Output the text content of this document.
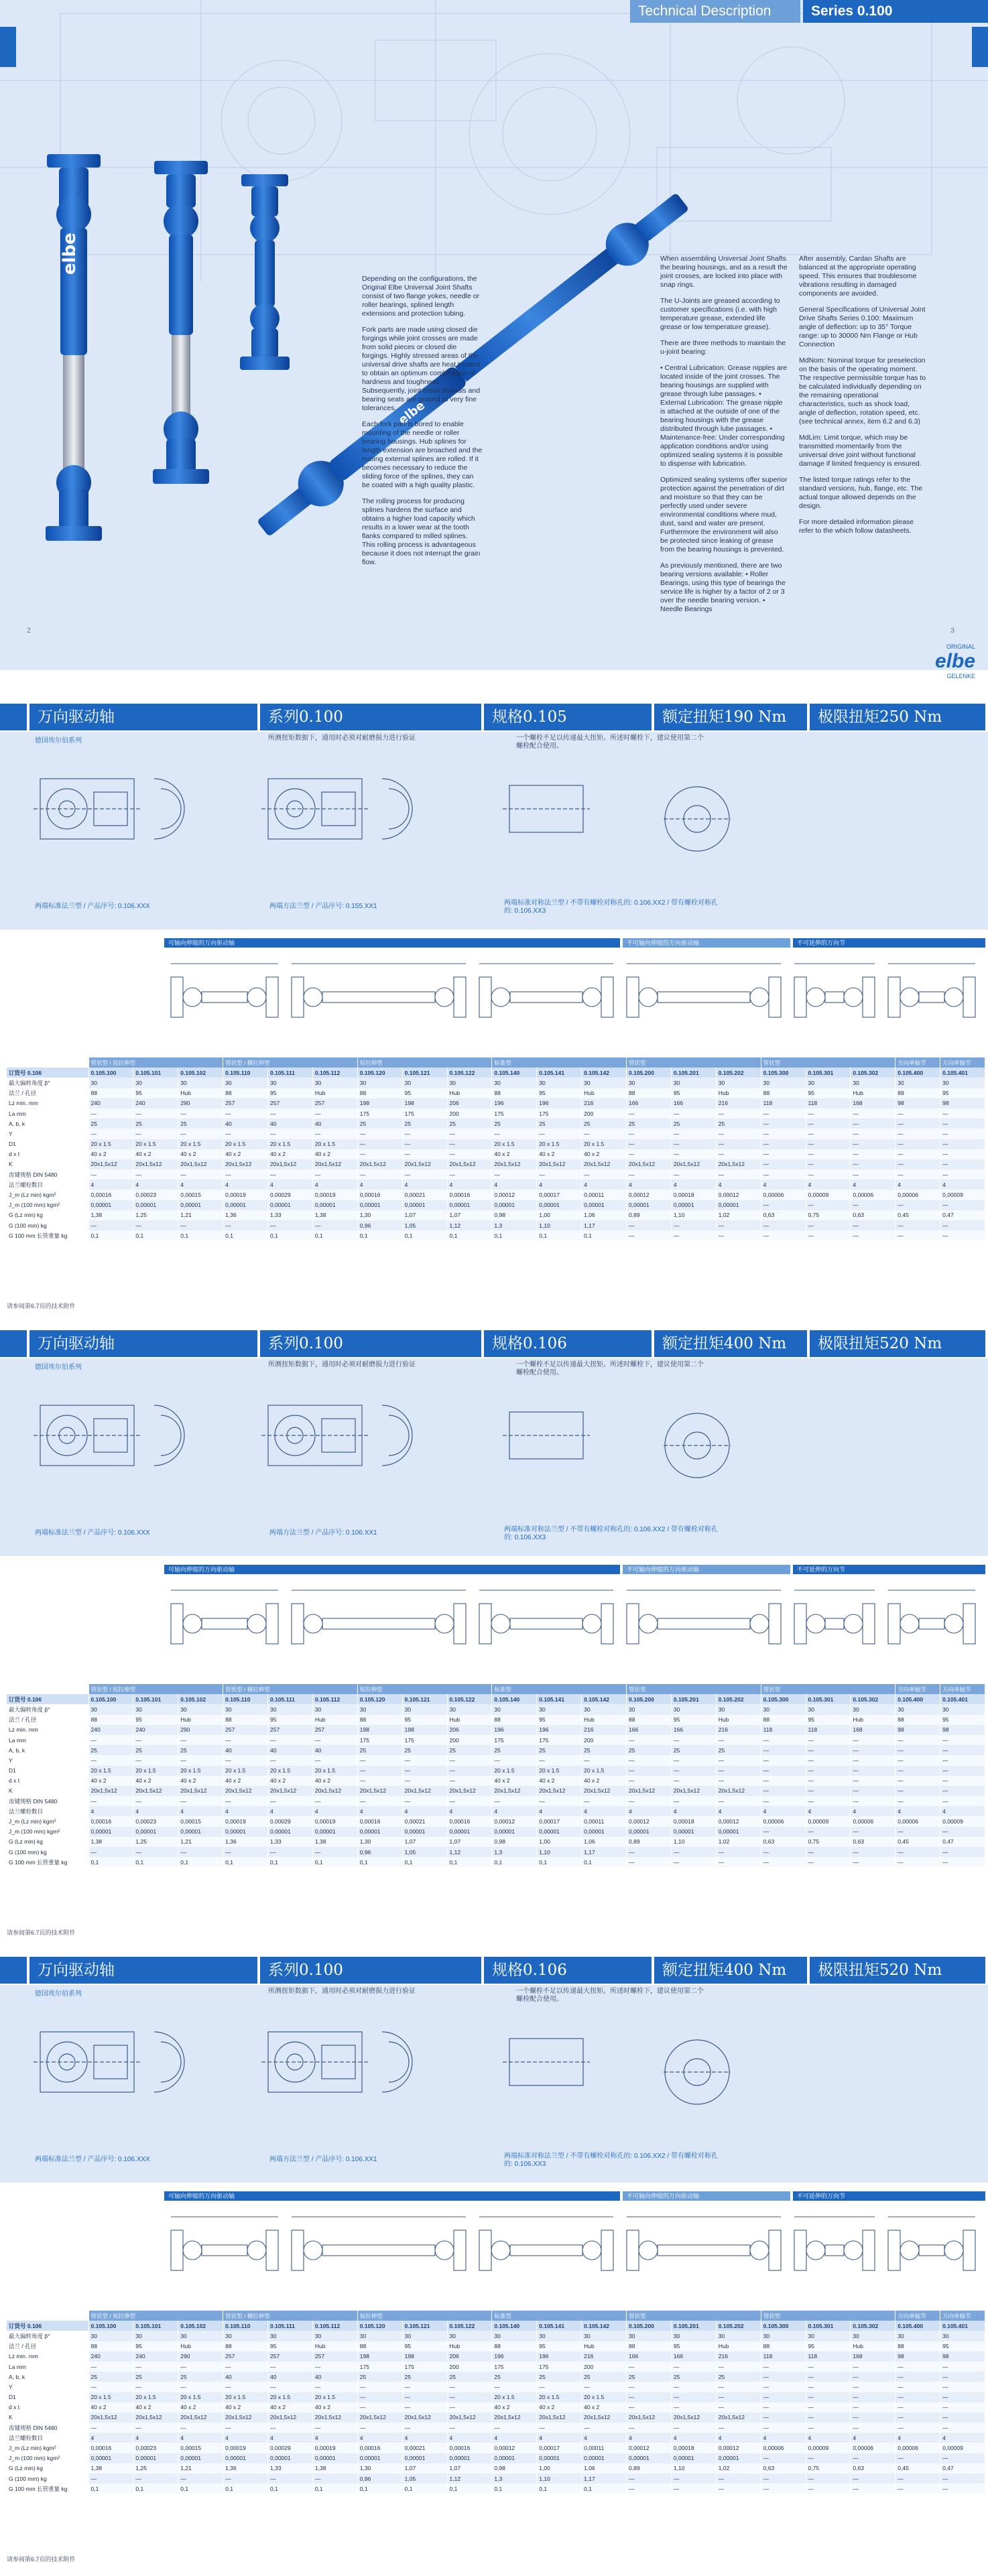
Technical Description	Series 0.100
elbe
elbe

Depending on the configurations, the Original Elbe Universal Joint Shafts consist of two flange yokes, needle or roller bearings, splined length extensions and protection tubing.

Fork parts are made using closed die forgings while joint crosses are made from solid pieces or closed die forgings. Highly stressed areas of the universal drive shafts are heat treated to obtain an optimum combination of hardness and toughness. Subsequently, joint cross journals and bearing seats are ground to very fine tolerances.

Each fork part is bored to enable mounting of the needle or roller bearing housings. Hub splines for length extension are broached and the mating external splines are rolled. If it becomes necessary to reduce the sliding force of the splines, they can be coated with a high quality plastic.

The rolling process for producing splines hardens the surface and obtains a higher load capacity which results in a lower wear at the tooth flanks compared to milled splines. This rolling process is advantageous because it does not interrupt the grain flow.

When assembling Universal Joint Shafts the bearing housings, and as a result the joint crosses, are locked into place with snap rings.

The U-Joints are greased according to customer specifications (i.e. with high temperature grease, extended life grease or low temperature grease).

There are three methods to maintain the u-joint bearing:

• Central Lubrication: Grease nipples are located inside of the joint crosses. The bearing housings are supplied with grease through lube passages. • External Lubrication: The grease nipple is attached at the outside of one of the bearing housings with the grease distributed through lube passages. • Maintenance-free: Under corresponding application conditions and/or using optimized sealing systems it is possible to dispense with lubrication.

Optimized sealing systems offer superior protection against the penetration of dirt and moisture so that they can be perfectly used under severe environmental conditions where mud, dust, sand and water are present. Furthermore the environment will also be protected since leaking of grease from the bearing housings is prevented.

As previously mentioned, there are two bearing versions available: • Roller Bearings, using this type of bearings the service life is higher by a factor of 2 or 3 over the needle bearing version. • Needle Bearings

After assembly, Cardan Shafts are balanced at the appropriate operating speed. This ensures that troublesome vibrations resulting in damaged components are avoided.

General Specifications of Universal Joint Drive Shafts Series 0.100: Maximum angle of deflection: up to 35° Torque range: up to 30000 Nm Flange or Hub Connection

MdNom: Nominal torque for preselection on the basis of the operating moment. The respective permissible torque has to be calculated individually depending on the remaining operational characteristics, such as shock load, angle of deflection, rotation speed, etc. (see technical annex, item 6.2 and 6.3)

MdLim: Limit torque, which may be transmitted momentarily from the universal drive joint without functional damage if limited frequency is ensured.

The listed torque ratings refer to the standard versions, hub, flange, etc. The actual torque allowed depends on the design.

For more detailed information please refer to the which follow datasheets.

2	3
ORIGINAL
elbe
GELENKE
万向驱动轴	系列0.100	规格0.105	额定扭矩190 Nm	极限扭矩250 Nm
德国埃尔伯系列	所测扭矩数据下，通用时必须对耐磨损力进行验证	一个螺栓不足以传递最大扭矩。所述时螺栓下，建议使用第二个螺栓配合使用。
两端标准法兰型 / 产品序号: 0.106.XXX	两端方法兰型 / 产品序号: 0.155.XX1	两端标准对称法兰型 / 不带有螺栓对称孔的: 0.106.XX2 / 带有螺栓对称孔的: 0.106.XX3
可轴向伸缩的万向驱动轴	不可轴向伸缩的万向驱动轴	不可延伸的万向节
	管状型 / 短拉伸型			管状型 / 横拉伸型			短拉伸型			标准型			管状型			管状型			方向单轴节	万向单轴节
订货号 0.106	0.105.100	0.105.101	0.105.102	0.105.110	0.105.111	0.105.112	0.105.120	0.105.121	0.105.122	0.105.140	0.105.141	0.105.142	0.105.200	0.105.201	0.105.202	0.105.300	0.105.301	0.105.302	0.105.400	0.105.401
最大偏转角度 β°	30	30	30	30	30	30	30	30	30	30	30	30	30	30	30	30	30	30	30	30
法兰 / 孔径	88	95	Hub	88	95	Hub	88	95	Hub	88	95	Hub	88	95	Hub	88	95	Hub	88	95
Lz min. mm	240	240	290	257	257	257	198	198	206	196	196	216	166	166	216	118	118	168	98	98
La mm	—	—	—	—	—	—	175	175	200	175	175	200	—	—	—	—	—	—	—	—
A, b, k	25	25	25	40	40	40	25	25	25	25	25	25	25	25	25	—	—	—	—	—
Y	—	—	—	—	—	—	—	—	—	—	—	—	—	—	—	—	—	—	—	—
D1	20 x 1.5	20 x 1.5	20 x 1.5	20 x 1.5	20 x 1.5	20 x 1.5	—	—	—	20 x 1.5	20 x 1.5	20 x 1.5	—	—	—	—	—	—	—	—
d x t	40 x 2	40 x 2	40 x 2	40 x 2	40 x 2	40 x 2	—	—	—	40 x 2	40 x 2	40 x 2	—	—	—	—	—	—	—	—
K	20x1,5x12	20x1,5x12	20x1,5x12	20x1,5x12	20x1,5x12	20x1,5x12	20x1,5x12	20x1,5x12	20x1,5x12	20x1,5x12	20x1,5x12	20x1,5x12	20x1,5x12	20x1,5x12	20x1,5x12	—	—	—	—	—
齿键规格 DIN 5480	—	—	—	—	—	—	—	—	—	—	—	—	—	—	—	—	—	—	—	—
法兰螺栓数目	4	4	4	4	4	4	4	4	4	4	4	4	4	4	4	4	4	4	4	4
J_m (Lz min) kgm²	0,00016	0,00023	0,00015	0,00019	0,00029	0,00019	0,00016	0,00021	0,00016	0,00012	0,00017	0,00011	0,00012	0,00018	0,00012	0,00006	0,00009	0,00006	0,00006	0,00009
J_m (100 mm) kgm²	0,00001	0,00001	0,00001	0,00001	0,00001	0,00001	0,00001	0,00001	0,00001	0,00001	0,00001	0,00001	0,00001	0,00001	0,00001	—	—	—	—	—
G (Lz min) kg	1,38	1,25	1,21	1,36	1,33	1,38	1,30	1,07	1,07	0,98	1,00	1,06	0,89	1,10	1,02	0,63	0,75	0,63	0,45	0,47
G (100 mm) kg	—	—	—	—	—	—	0,96	1,05	1,12	1,3	1,10	1,17	—	—	—	—	—	—	—	—
G 100 mm 长管重量 kg	0,1	0,1	0,1	0,1	0,1	0,1	0,1	0,1	0,1	0,1	0,1	0,1	—	—	—	—	—	—	—	—
请参阅第6.7页的技术附件
万向驱动轴	系列0.100	规格0.106	额定扭矩400 Nm	极限扭矩520 Nm
德国埃尔伯系列	所测扭矩数据下，通用时必须对耐磨损力进行验证	一个螺栓不足以传递最大扭矩。所述时螺栓下，建议使用第二个螺栓配合使用。
两端标准法兰型 / 产品序号: 0.106.XXX	两端方法兰型 / 产品序号: 0.106.XX1	两端标准对称法兰型 / 不带有螺栓对称孔的: 0.106.XX2 / 带有螺栓对称孔的: 0.106.XX3
可轴向伸缩的万向驱动轴	不可轴向伸缩的万向驱动轴	不可延伸的万向节
	管状型 / 短拉伸型			管状型 / 横拉伸型			短拉伸型			标准型			管状型			管状型			方向单轴节	万向单轴节
订货号 0.106	0.105.100	0.105.101	0.105.102	0.105.110	0.105.111	0.105.112	0.105.120	0.105.121	0.105.122	0.105.140	0.105.141	0.105.142	0.105.200	0.105.201	0.105.202	0.105.300	0.105.301	0.105.302	0.105.400	0.105.401
最大偏转角度 β°	30	30	30	30	30	30	30	30	30	30	30	30	30	30	30	30	30	30	30	30
法兰 / 孔径	88	95	Hub	88	95	Hub	88	95	Hub	88	95	Hub	88	95	Hub	88	95	Hub	88	95
Lz min. mm	240	240	290	257	257	257	198	198	206	196	196	216	166	166	216	118	118	168	98	98
La mm	—	—	—	—	—	—	175	175	200	175	175	200	—	—	—	—	—	—	—	—
A, b, k	25	25	25	40	40	40	25	25	25	25	25	25	25	25	25	—	—	—	—	—
Y	—	—	—	—	—	—	—	—	—	—	—	—	—	—	—	—	—	—	—	—
D1	20 x 1.5	20 x 1.5	20 x 1.5	20 x 1.5	20 x 1.5	20 x 1.5	—	—	—	20 x 1.5	20 x 1.5	20 x 1.5	—	—	—	—	—	—	—	—
d x t	40 x 2	40 x 2	40 x 2	40 x 2	40 x 2	40 x 2	—	—	—	40 x 2	40 x 2	40 x 2	—	—	—	—	—	—	—	—
K	20x1,5x12	20x1,5x12	20x1,5x12	20x1,5x12	20x1,5x12	20x1,5x12	20x1,5x12	20x1,5x12	20x1,5x12	20x1,5x12	20x1,5x12	20x1,5x12	20x1,5x12	20x1,5x12	20x1,5x12	—	—	—	—	—
齿键规格 DIN 5480	—	—	—	—	—	—	—	—	—	—	—	—	—	—	—	—	—	—	—	—
法兰螺栓数目	4	4	4	4	4	4	4	4	4	4	4	4	4	4	4	4	4	4	4	4
J_m (Lz min) kgm²	0,00016	0,00023	0,00015	0,00019	0,00029	0,00019	0,00016	0,00021	0,00016	0,00012	0,00017	0,00011	0,00012	0,00018	0,00012	0,00006	0,00009	0,00006	0,00006	0,00009
J_m (100 mm) kgm²	0,00001	0,00001	0,00001	0,00001	0,00001	0,00001	0,00001	0,00001	0,00001	0,00001	0,00001	0,00001	0,00001	0,00001	0,00001	—	—	—	—	—
G (Lz min) kg	1,38	1,25	1,21	1,36	1,33	1,38	1,30	1,07	1,07	0,98	1,00	1,06	0,89	1,10	1,02	0,63	0,75	0,63	0,45	0,47
G (100 mm) kg	—	—	—	—	—	—	0,96	1,05	1,12	1,3	1,10	1,17	—	—	—	—	—	—	—	—
G 100 mm 长管重量 kg	0,1	0,1	0,1	0,1	0,1	0,1	0,1	0,1	0,1	0,1	0,1	0,1	—	—	—	—	—	—	—	—
请参阅第6.7页的技术附件
万向驱动轴	系列0.100	规格0.106	额定扭矩400 Nm	极限扭矩520 Nm
德国埃尔伯系列	所测扭矩数据下，通用时必须对耐磨损力进行验证	一个螺栓不足以传递最大扭矩。所述时螺栓下，建议使用第二个螺栓配合使用。
两端标准法兰型 / 产品序号: 0.106.XXX	两端方法兰型 / 产品序号: 0.106.XX1	两端标准对称法兰型 / 不带有螺栓对称孔的: 0.106.XX2 / 带有螺栓对称孔的: 0.106.XX3
可轴向伸缩的万向驱动轴	不可轴向伸缩的万向驱动轴	不可延伸的万向节
	管状型 / 短拉伸型			管状型 / 横拉伸型			短拉伸型			标准型			管状型			管状型			方向单轴节	万向单轴节
订货号 0.106	0.105.100	0.105.101	0.105.102	0.105.110	0.105.111	0.105.112	0.105.120	0.105.121	0.105.122	0.105.140	0.105.141	0.105.142	0.105.200	0.105.201	0.105.202	0.105.300	0.105.301	0.105.302	0.105.400	0.105.401
最大偏转角度 β°	30	30	30	30	30	30	30	30	30	30	30	30	30	30	30	30	30	30	30	30
法兰 / 孔径	88	95	Hub	88	95	Hub	88	95	Hub	88	95	Hub	88	95	Hub	88	95	Hub	88	95
Lz min. mm	240	240	290	257	257	257	198	198	206	196	196	216	166	166	216	118	118	168	98	98
La mm	—	—	—	—	—	—	175	175	200	175	175	200	—	—	—	—	—	—	—	—
A, b, k	25	25	25	40	40	40	25	25	25	25	25	25	25	25	25	—	—	—	—	—
Y	—	—	—	—	—	—	—	—	—	—	—	—	—	—	—	—	—	—	—	—
D1	20 x 1.5	20 x 1.5	20 x 1.5	20 x 1.5	20 x 1.5	20 x 1.5	—	—	—	20 x 1.5	20 x 1.5	20 x 1.5	—	—	—	—	—	—	—	—
d x t	40 x 2	40 x 2	40 x 2	40 x 2	40 x 2	40 x 2	—	—	—	40 x 2	40 x 2	40 x 2	—	—	—	—	—	—	—	—
K	20x1,5x12	20x1,5x12	20x1,5x12	20x1,5x12	20x1,5x12	20x1,5x12	20x1,5x12	20x1,5x12	20x1,5x12	20x1,5x12	20x1,5x12	20x1,5x12	20x1,5x12	20x1,5x12	20x1,5x12	—	—	—	—	—
齿键规格 DIN 5480	—	—	—	—	—	—	—	—	—	—	—	—	—	—	—	—	—	—	—	—
法兰螺栓数目	4	4	4	4	4	4	4	4	4	4	4	4	4	4	4	4	4	4	4	4
J_m (Lz min) kgm²	0,00016	0,00023	0,00015	0,00019	0,00029	0,00019	0,00016	0,00021	0,00016	0,00012	0,00017	0,00011	0,00012	0,00018	0,00012	0,00006	0,00009	0,00006	0,00006	0,00009
J_m (100 mm) kgm²	0,00001	0,00001	0,00001	0,00001	0,00001	0,00001	0,00001	0,00001	0,00001	0,00001	0,00001	0,00001	0,00001	0,00001	0,00001	—	—	—	—	—
G (Lz min) kg	1,38	1,25	1,21	1,36	1,33	1,38	1,30	1,07	1,07	0,98	1,00	1,06	0,89	1,10	1,02	0,63	0,75	0,63	0,45	0,47
G (100 mm) kg	—	—	—	—	—	—	0,96	1,05	1,12	1,3	1,10	1,17	—	—	—	—	—	—	—	—
G 100 mm 长管重量 kg	0,1	0,1	0,1	0,1	0,1	0,1	0,1	0,1	0,1	0,1	0,1	0,1	—	—	—	—	—	—	—	—
请参阅第6.7页的技术附件
